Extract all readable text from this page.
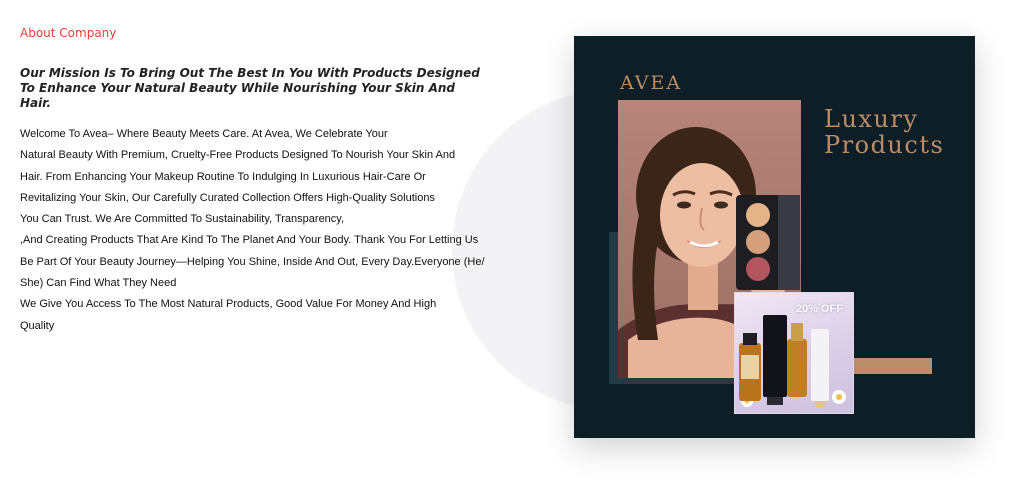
About Company
Our Mission Is To Bring Out The Best In You With Products Designed To Enhance Your Natural Beauty While Nourishing Your Skin And Hair.
Welcome To Avea– Where Beauty Meets Care. At Avea, We Celebrate Your
Natural Beauty With Premium, Cruelty-Free Products Designed To Nourish Your Skin And
Hair. From Enhancing Your Makeup Routine To Indulging In Luxurious Hair-Care Or
Revitalizing Your Skin, Our Carefully Curated Collection Offers High-Quality Solutions
You Can Trust. We Are Committed To Sustainability, Transparency,
,And Creating Products That Are Kind To The Planet And Your Body. Thank You For Letting Us
Be Part Of Your Beauty Journey—Helping You Shine, Inside And Out, Every Day.Everyone (He/
She) Can Find What They Need
We Give You Access To The Most Natural Products, Good Value For Money And High
Quality
AVEA
Luxury
Products
20% OFF
